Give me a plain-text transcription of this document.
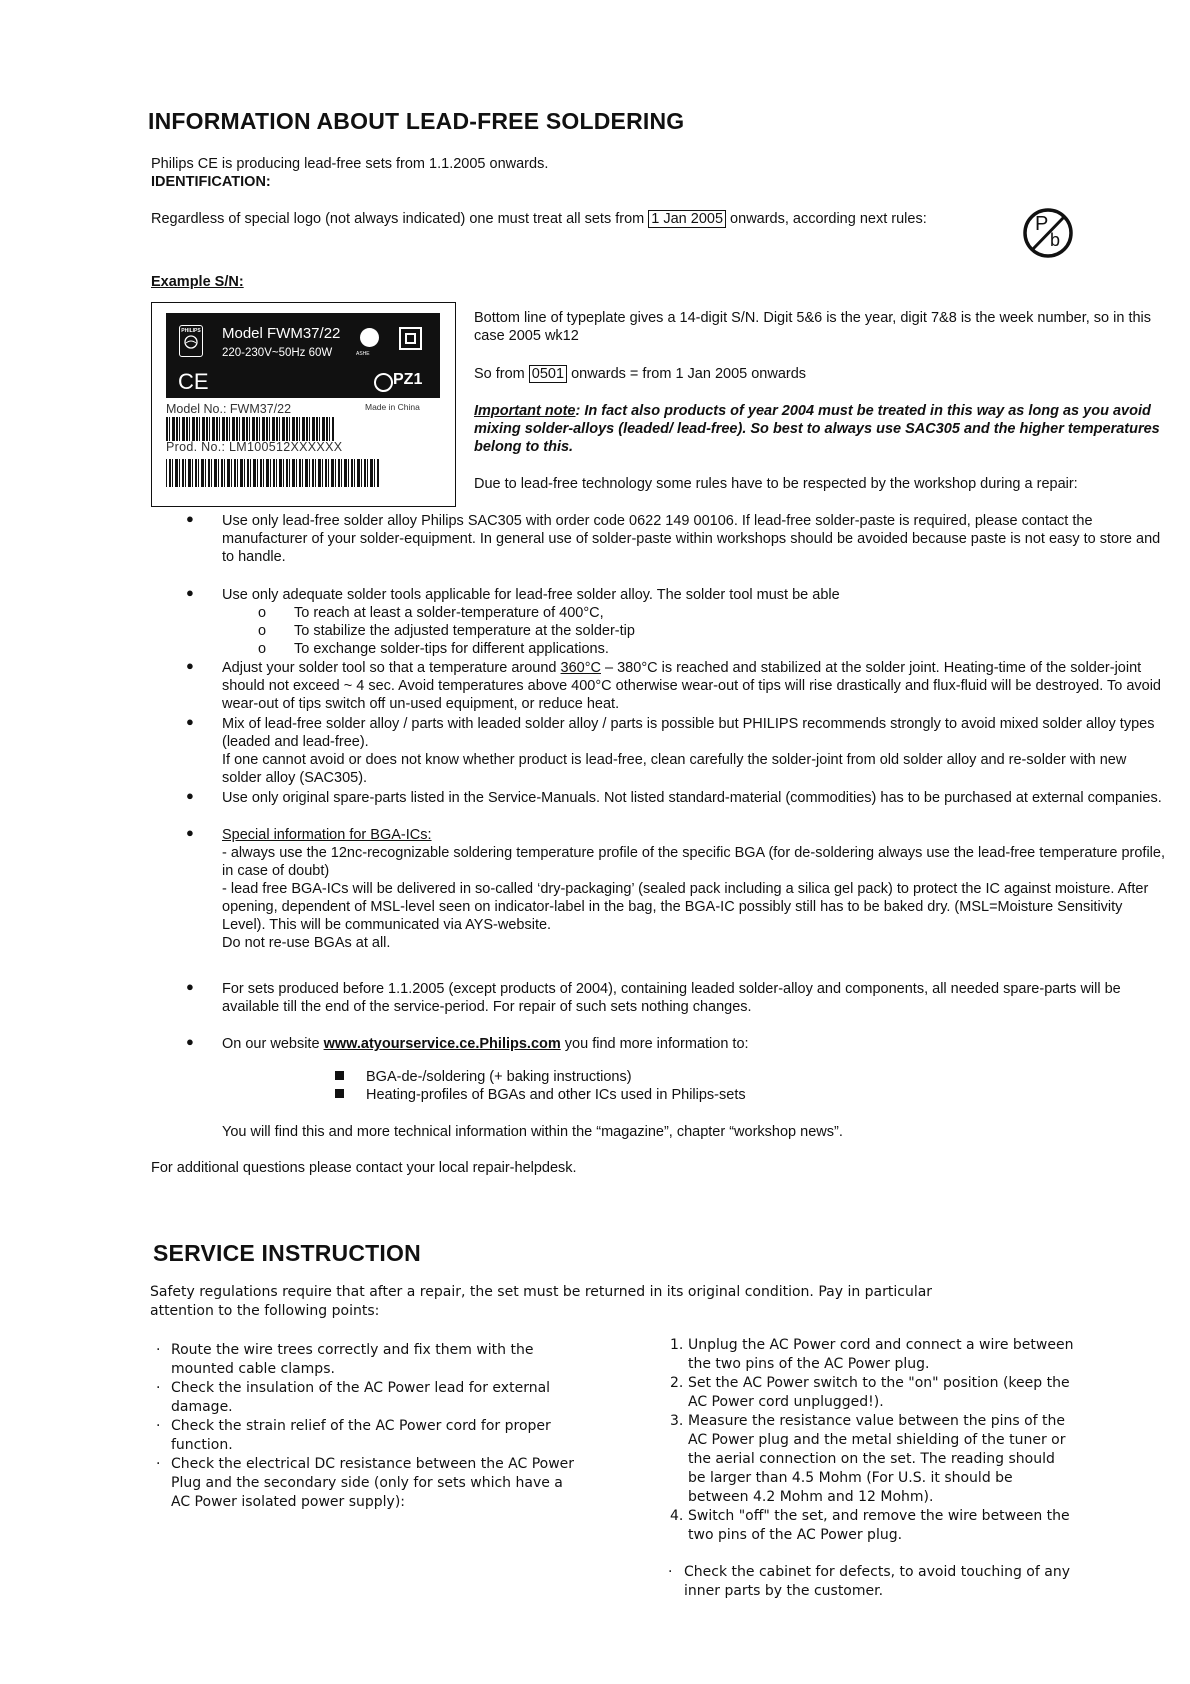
INFORMATION ABOUT LEAD-FREE SOLDERING
Philips CE is producing lead-free sets from 1.1.2005 onwards.
IDENTIFICATION:
Regardless of special logo (not always indicated) one must treat all sets from 1 Jan 2005 onwards, according next rules:	P
b
Example S/N:
PHILIPS Model FWM37/22
220-230V~50Hz 60W	ASHE
CE	PZ1
Model No.: FWM37/22	Made in China
Prod. No.: LM100512XXXXXX
Bottom line of typeplate gives a 14-digit S/N. Digit 5&6 is the year, digit 7&8 is the week number, so in this case 2005 wk12
So from 0501 onwards = from 1 Jan 2005 onwards
Important note: In fact also products of year 2004 must be treated in this way as long as you avoid mixing solder-alloys (leaded/ lead-free). So best to always use SAC305 and the higher temperatures belong to this.
Due to lead-free technology some rules have to be respected by the workshop during a repair:
● Use only lead-free solder alloy Philips SAC305 with order code 0622 149 00106. If lead-free solder-paste is required, please contact the manufacturer of your solder-equipment. In general use of solder-paste within workshops should be avoided because paste is not easy to store and to handle.
● Use only adequate solder tools applicable for lead-free solder alloy. The solder tool must be able
o To reach at least a solder-temperature of 400°C,
o To stabilize the adjusted temperature at the solder-tip
o To exchange solder-tips for different applications.
● Adjust your solder tool so that a temperature around 360°C – 380°C is reached and stabilized at the solder joint. Heating-time of the solder-joint should not exceed ~ 4 sec. Avoid temperatures above 400°C otherwise wear-out of tips will rise drastically and flux-fluid will be destroyed. To avoid wear-out of tips switch off un-used equipment, or reduce heat.
● Mix of lead-free solder alloy / parts with leaded solder alloy / parts is possible but PHILIPS recommends strongly to avoid mixed solder alloy types (leaded and lead-free).
If one cannot avoid or does not know whether product is lead-free, clean carefully the solder-joint from old solder alloy and re-solder with new solder alloy (SAC305).
● Use only original spare-parts listed in the Service-Manuals. Not listed standard-material (commodities) has to be purchased at external companies.
● Special information for BGA-ICs:
- always use the 12nc-recognizable soldering temperature profile of the specific BGA (for de-soldering always use the lead-free temperature profile, in case of doubt)
- lead free BGA-ICs will be delivered in so-called ‘dry-packaging’ (sealed pack including a silica gel pack) to protect the IC against moisture. After opening, dependent of MSL-level seen on indicator-label in the bag, the BGA-IC possibly still has to be baked dry. (MSL=Moisture Sensitivity Level). This will be communicated via AYS-website.
Do not re-use BGAs at all.
● For sets produced before 1.1.2005 (except products of 2004), containing leaded solder-alloy and components, all needed spare-parts will be available till the end of the service-period. For repair of such sets nothing changes.
● On our website www.atyourservice.ce.Philips.com you find more information to:
BGA-de-/soldering (+ baking instructions)
Heating-profiles of BGAs and other ICs used in Philips-sets
You will find this and more technical information within the “magazine”, chapter “workshop news”.
For additional questions please contact your local repair-helpdesk.
SERVICE INSTRUCTION
Safety regulations require that after a repair, the set must be returned in its original condition. Pay in particular attention to the following points:
· Route the wire trees correctly and fix them with the mounted cable clamps.
· Check the insulation of the AC Power lead for external damage.
· Check the strain relief of the AC Power cord for proper function.
· Check the electrical DC resistance between the AC Power Plug and the secondary side (only for sets which have a AC Power isolated power supply):
1. Unplug the AC Power cord and connect a wire between the two pins of the AC Power plug.
2. Set the AC Power switch to the "on" position (keep the AC Power cord unplugged!).
3. Measure the resistance value between the pins of the AC Power plug and the metal shielding of the tuner or the aerial connection on the set. The reading should be larger than 4.5 Mohm (For U.S. it should be between 4.2 Mohm and 12 Mohm).
4. Switch "off" the set, and remove the wire between the two pins of the AC Power plug.
· Check the cabinet for defects, to avoid touching of any inner parts by the customer.
